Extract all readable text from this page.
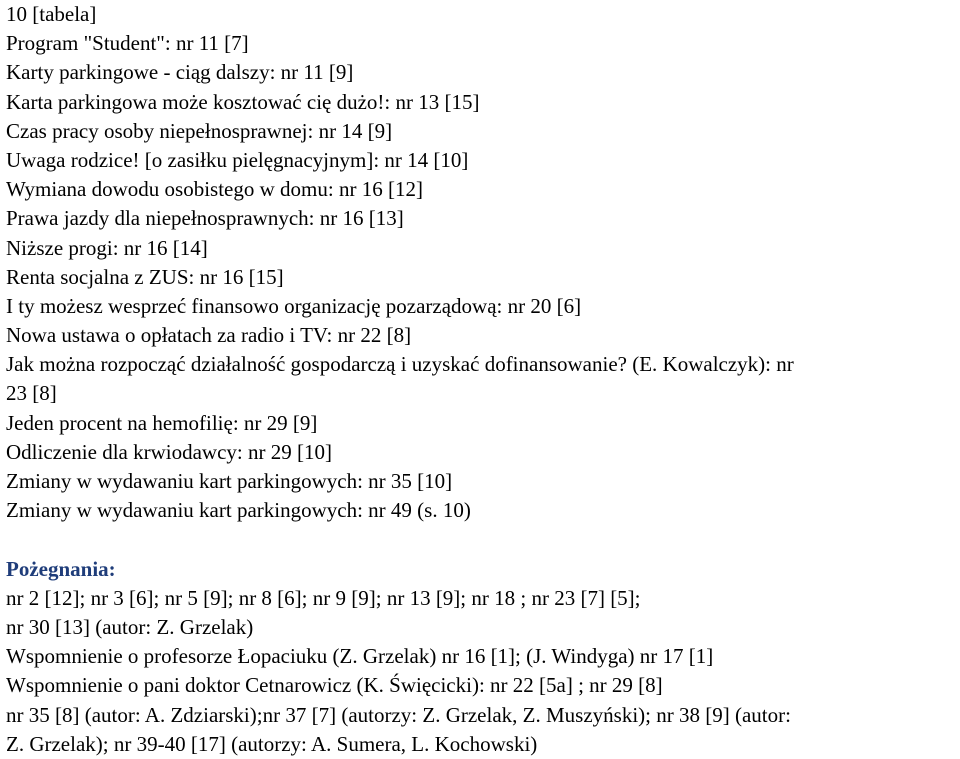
10 [tabela]
Program "Student": nr 11 [7]
Karty parkingowe - ciąg dalszy: nr 11 [9]
Karta parkingowa może kosztować cię dużo!: nr 13 [15]
Czas pracy osoby niepełnosprawnej: nr 14 [9]
Uwaga rodzice! [o zasiłku pielęgnacyjnym]: nr 14 [10]
Wymiana dowodu osobistego w domu: nr 16 [12]
Prawa jazdy dla niepełnosprawnych: nr 16 [13]
Niższe progi: nr 16 [14]
Renta socjalna z ZUS: nr 16 [15]
I ty możesz wesprzeć finansowo organizację pozarządową: nr 20 [6]
Nowa ustawa o opłatach za radio i TV: nr 22 [8]
Jak można rozpocząć działalność gospodarczą i uzyskać dofinansowanie? (E. Kowalczyk): nr
23 [8]
Jeden procent na hemofilię: nr 29 [9]
Odliczenie dla krwiodawcy: nr 29 [10]
Zmiany w wydawaniu kart parkingowych: nr 35 [10]
Zmiany w wydawaniu kart parkingowych: nr 49 (s. 10)
Pożegnania:
nr 2 [12]; nr 3 [6]; nr 5 [9]; nr 8 [6]; nr 9 [9]; nr 13 [9]; nr 18 ; nr 23 [7] [5];
nr 30 [13] (autor: Z. Grzelak)
Wspomnienie o profesorze Łopaciuku (Z. Grzelak) nr 16 [1]; (J. Windyga) nr 17 [1]
Wspomnienie o pani doktor Cetnarowicz (K. Święcicki): nr 22 [5a] ; nr 29 [8]
nr 35 [8] (autor: A. Zdziarski);nr 37 [7] (autorzy: Z. Grzelak, Z. Muszyński); nr 38 [9] (autor:
Z. Grzelak); nr 39-40 [17] (autorzy: A. Sumera, L. Kochowski)
